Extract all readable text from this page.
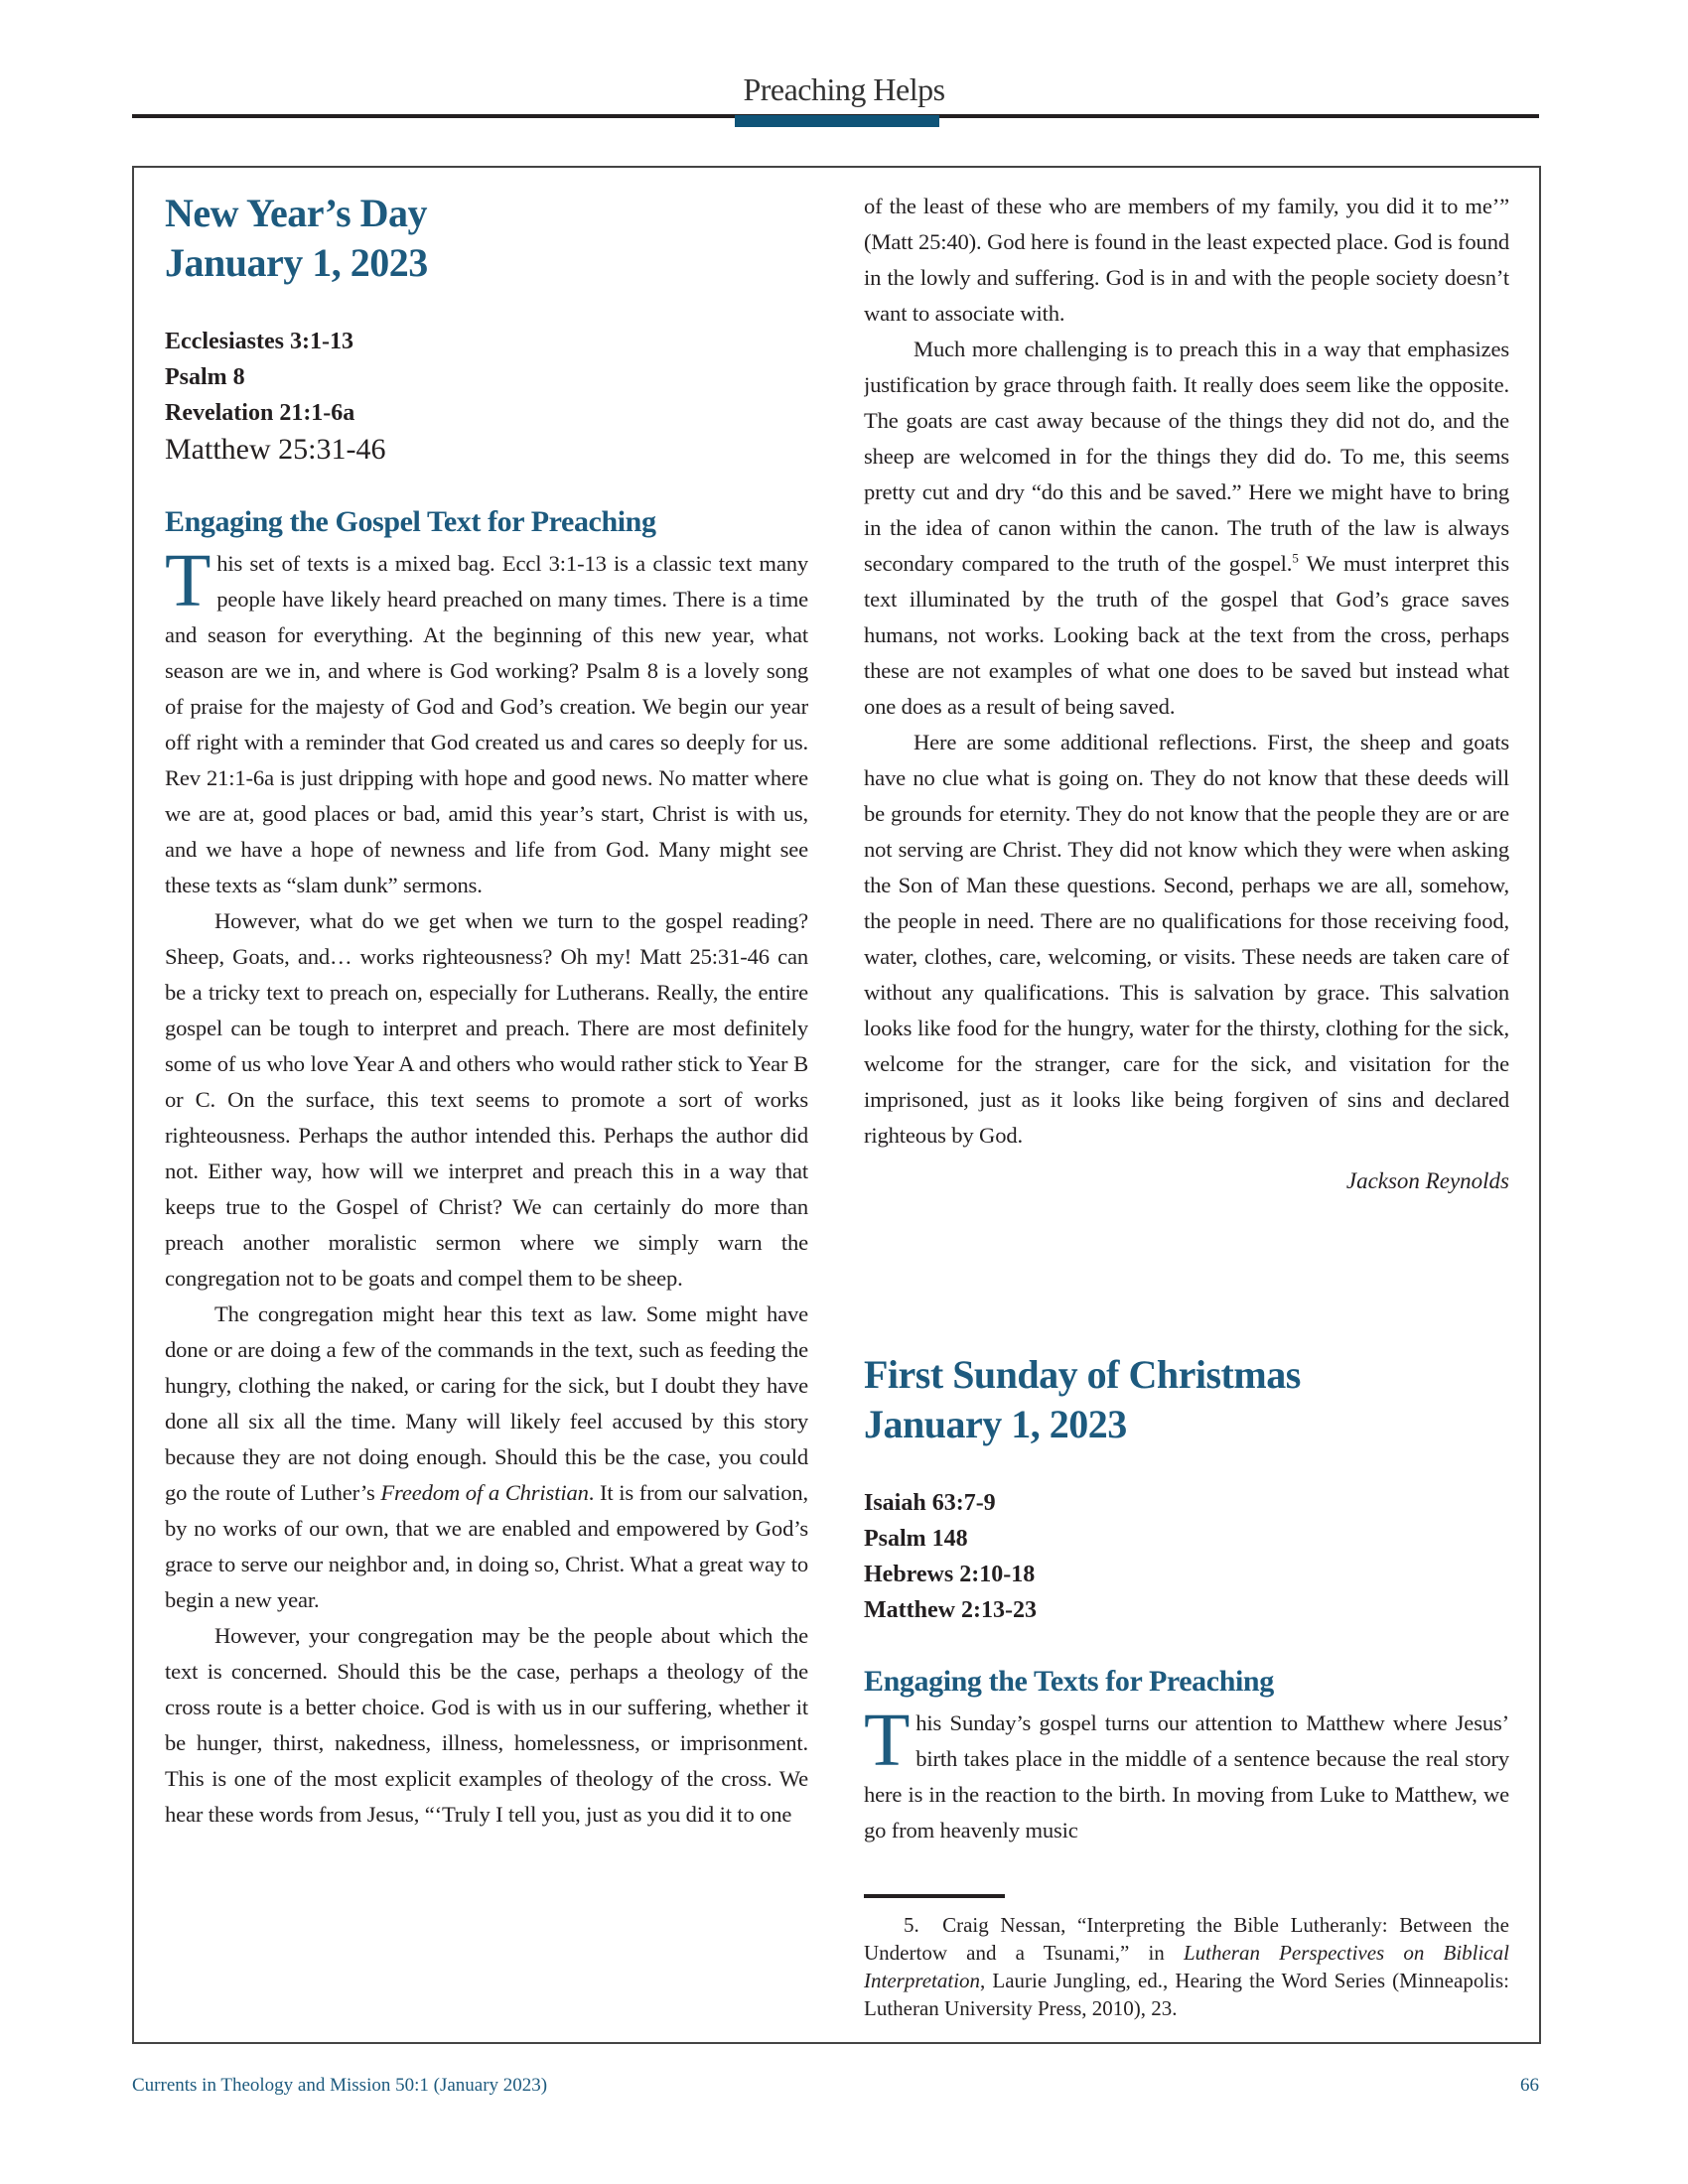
Preaching Helps
New Year’s Day
January 1, 2023
Ecclesiastes 3:1-13
Psalm 8
Revelation 21:1-6a
Matthew 25:31-46
Engaging the Gospel Text for Preaching

This set of texts is a mixed bag. Eccl 3:1-13 is a classic text many people have likely heard preached on many times. There is a time and season for everything. At the beginning of this new year, what season are we in, and where is God working? Psalm 8 is a lovely song of praise for the majesty of God and God’s creation. We begin our year off right with a reminder that God created us and cares so deeply for us. Rev 21:1-6a is just dripping with hope and good news. No matter where we are at, good places or bad, amid this year’s start, Christ is with us, and we have a hope of newness and life from God. Many might see these texts as “slam dunk” sermons.

However, what do we get when we turn to the gospel reading? Sheep, Goats, and… works righteousness? Oh my! Matt 25:31-46 can be a tricky text to preach on, especially for Lutherans. Really, the entire gospel can be tough to interpret and preach. There are most definitely some of us who love Year A and others who would rather stick to Year B or C. On the surface, this text seems to promote a sort of works righteousness. Perhaps the author intended this. Perhaps the author did not. Either way, how will we interpret and preach this in a way that keeps true to the Gospel of Christ? We can certainly do more than preach another moralistic sermon where we simply warn the congregation not to be goats and compel them to be sheep.

The congregation might hear this text as law. Some might have done or are doing a few of the commands in the text, such as feeding the hungry, clothing the naked, or caring for the sick, but I doubt they have done all six all the time. Many will likely feel accused by this story because they are not doing enough. Should this be the case, you could go the route of Luther’s Freedom of a Christian. It is from our salvation, by no works of our own, that we are enabled and empowered by God’s grace to serve our neighbor and, in doing so, Christ. What a great way to begin a new year.

However, your congregation may be the people about which the text is concerned. Should this be the case, perhaps a theology of the cross route is a better choice. God is with us in our suffering, whether it be hunger, thirst, nakedness, illness, homelessness, or imprisonment. This is one of the most explicit examples of theology of the cross. We hear these words from Jesus, “‘Truly I tell you, just as you did it to one

of the least of these who are members of my family, you did it to me’” (Matt 25:40). God here is found in the least expected place. God is found in the lowly and suffering. God is in and with the people society doesn’t want to associate with.

Much more challenging is to preach this in a way that emphasizes justification by grace through faith. It really does seem like the opposite. The goats are cast away because of the things they did not do, and the sheep are welcomed in for the things they did do. To me, this seems pretty cut and dry “do this and be saved.” Here we might have to bring in the idea of canon within the canon. The truth of the law is always secondary compared to the truth of the gospel.$^5$ We must interpret this text illuminated by the truth of the gospel that God’s grace saves humans, not works. Looking back at the text from the cross, perhaps these are not examples of what one does to be saved but instead what one does as a result of being saved.

Here are some additional reflections. First, the sheep and goats have no clue what is going on. They do not know that these deeds will be grounds for eternity. They do not know that the people they are or are not serving are Christ. They did not know which they were when asking the Son of Man these questions. Second, perhaps we are all, somehow, the people in need. There are no qualifications for those receiving food, water, clothes, care, welcoming, or visits. These needs are taken care of without any qualifications. This is salvation by grace. This salvation looks like food for the hungry, water for the thirsty, clothing for the sick, welcome for the stranger, care for the sick, and visitation for the imprisoned, just as it looks like being forgiven of sins and declared righteous by God.

Jackson Reynolds
First Sunday of Christmas
January 1, 2023
Isaiah 63:7-9
Psalm 148
Hebrews 2:10-18
Matthew 2:13-23
Engaging the Texts for Preaching

This Sunday’s gospel turns our attention to Matthew where Jesus’ birth takes place in the middle of a sentence because the real story here is in the reaction to the birth. In moving from Luke to Matthew, we go from heavenly music

5. Craig Nessan, “Interpreting the Bible Lutheranly: Between the Undertow and a Tsunami,” in Lutheran Perspectives on Biblical Interpretation, Laurie Jungling, ed., Hearing the Word Series (Minneapolis: Lutheran University Press, 2010), 23.
Currents in Theology and Mission 50:1 (January 2023)	66
